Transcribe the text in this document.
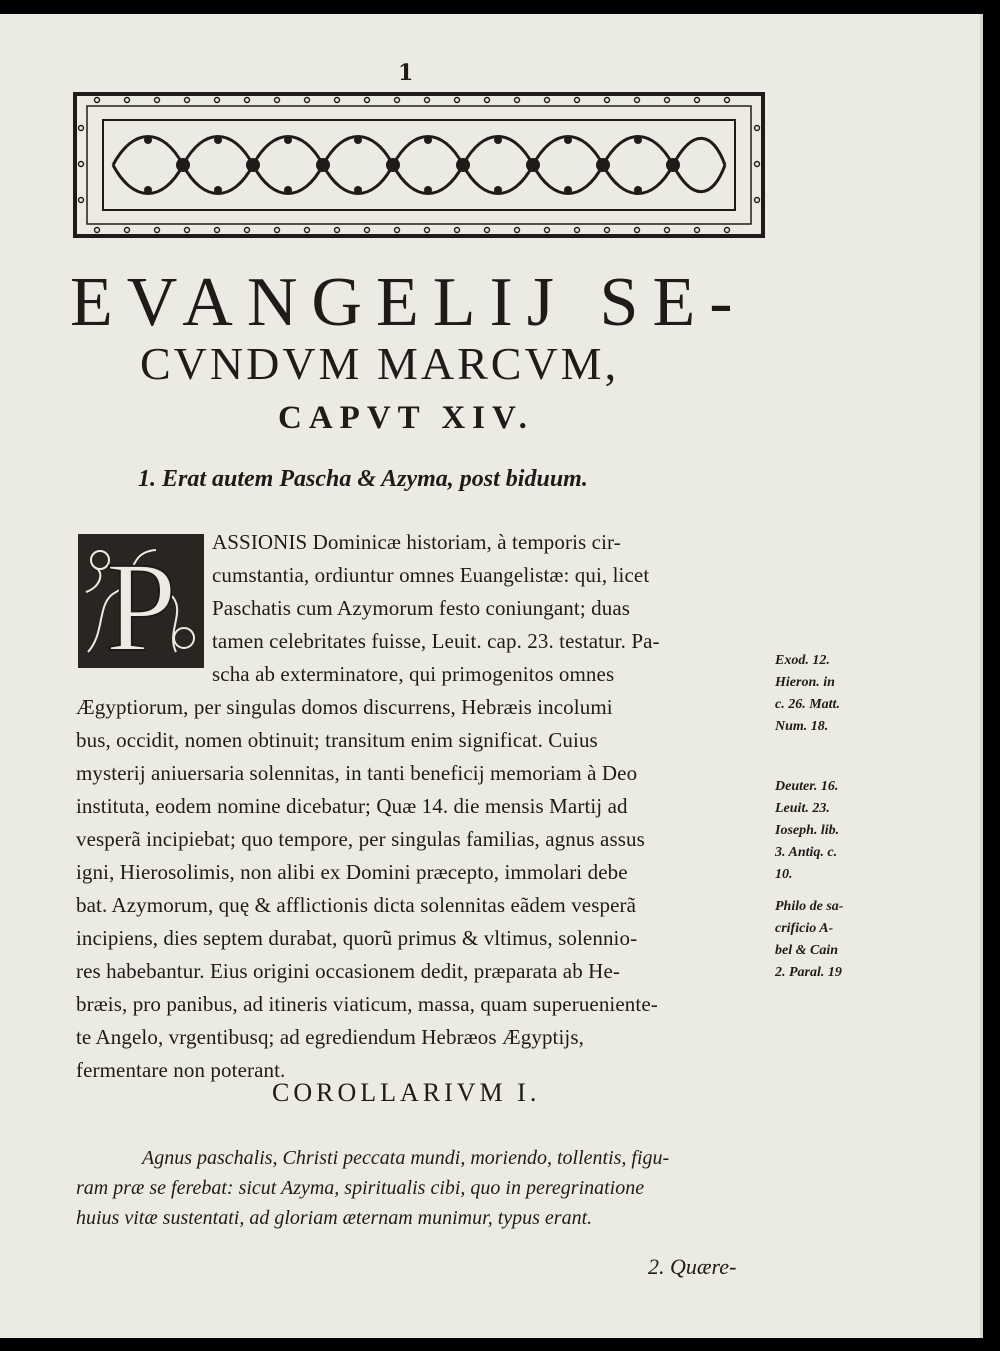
1
EVANGELIJ SE-
CVNDVM MARCVM,
CAPVT XIV.
1. Erat autem Pascha & Azyma, post biduum.
P ASSIONIS Dominicæ historiam, à temporis cir-
cumstantia, ordiuntur omnes Euangelistæ: qui, licet
Paschatis cum Azymorum festo coniungant; duas
tamen celebritates fuisse, Leuit. cap. 23. testatur. Pa-
scha ab exterminatore, qui primogenitos omnes
Ægyptiorum, per singulas domos discurrens, Hebræis incolumi
bus, occidit, nomen obtinuit; transitum enim significat. Cuius
mysterij aniuersaria solennitas, in tanti beneficij memoriam à Deo
instituta, eodem nomine dicebatur; Quæ 14. die mensis Martij ad
vesperã incipiebat; quo tempore, per singulas familias, agnus assus
igni, Hierosolimis, non alibi ex Domini præcepto, immolari debe
bat. Azymorum, quę & afflictionis dicta solennitas eãdem vesperã
incipiens, dies septem durabat, quorũ primus & vltimus, solennio-
res habebantur. Eius origini occasionem dedit, præparata ab He-
bræis, pro panibus, ad itineris viaticum, massa, quam superueniente-
te Angelo, vrgentibusq; ad egrediendum Hebræos Ægyptijs,
fermentare non poterant.
Exod. 12.
Hieron. in
c. 26. Matt.
Num. 18.
Deuter. 16.
Leuit. 23.
Ioseph. lib.
3. Antiq. c.
10.
Philo de sa-
crificio A-
bel & Cain
2. Paral. 19
COROLLARIVM I.
Agnus paschalis, Christi peccata mundi, moriendo, tollentis, figu-
ram præ se ferebat: sicut Azyma, spiritualis cibi, quo in peregrinatione
huius vitæ sustentati, ad gloriam æternam munimur, typus erant.
2. Quære-
